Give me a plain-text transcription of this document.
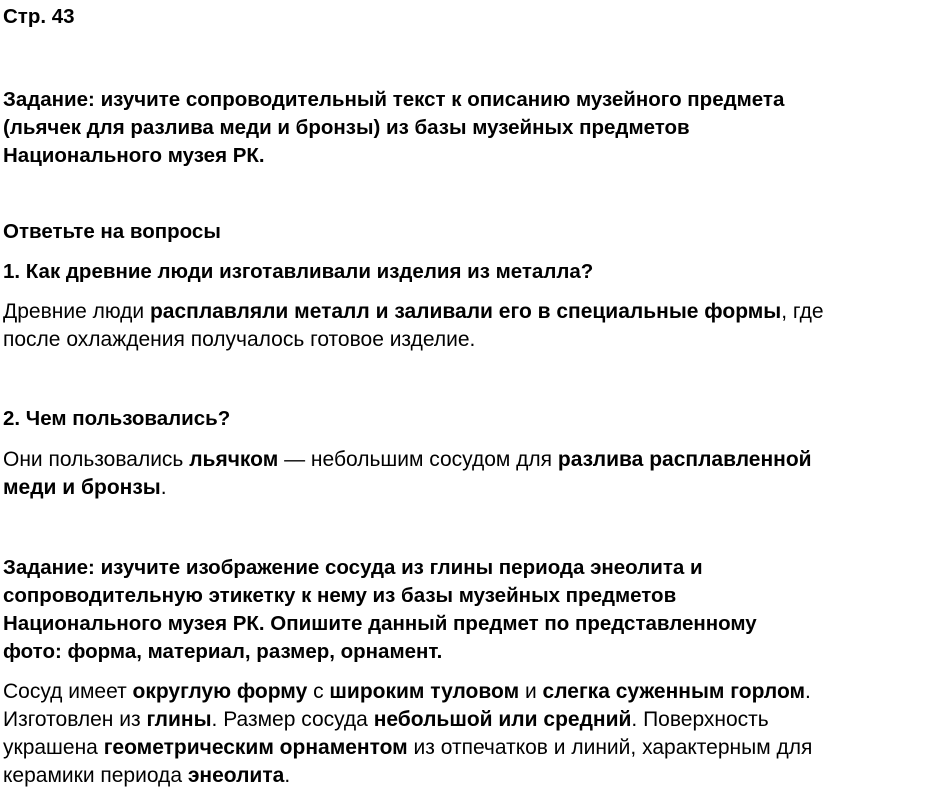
Стр. 43

Задание: изучите сопроводительный текст к описанию музейного предмета

(льячек для разлива меди и бронзы) из базы музейных предметов

Национального музея РК.

Ответьте на вопросы

1. Как древние люди изготавливали изделия из металла?

Древние люди расплавляли металл и заливали его в специальные формы, где

после охлаждения получалось готовое изделие.

2. Чем пользовались?

Они пользовались льячком — небольшим сосудом для разлива расплавленной

меди и бронзы.

Задание: изучите изображение сосуда из глины периода энеолита и

сопроводительную этикетку к нему из базы музейных предметов

Национального музея РК. Опишите данный предмет по представленному

фото: форма, материал, размер, орнамент.

Сосуд имеет округлую форму с широким туловом и слегка суженным горлом.

Изготовлен из глины. Размер сосуда небольшой или средний. Поверхность

украшена геометрическим орнаментом из отпечатков и линий, характерным для

керамики периода энеолита.
